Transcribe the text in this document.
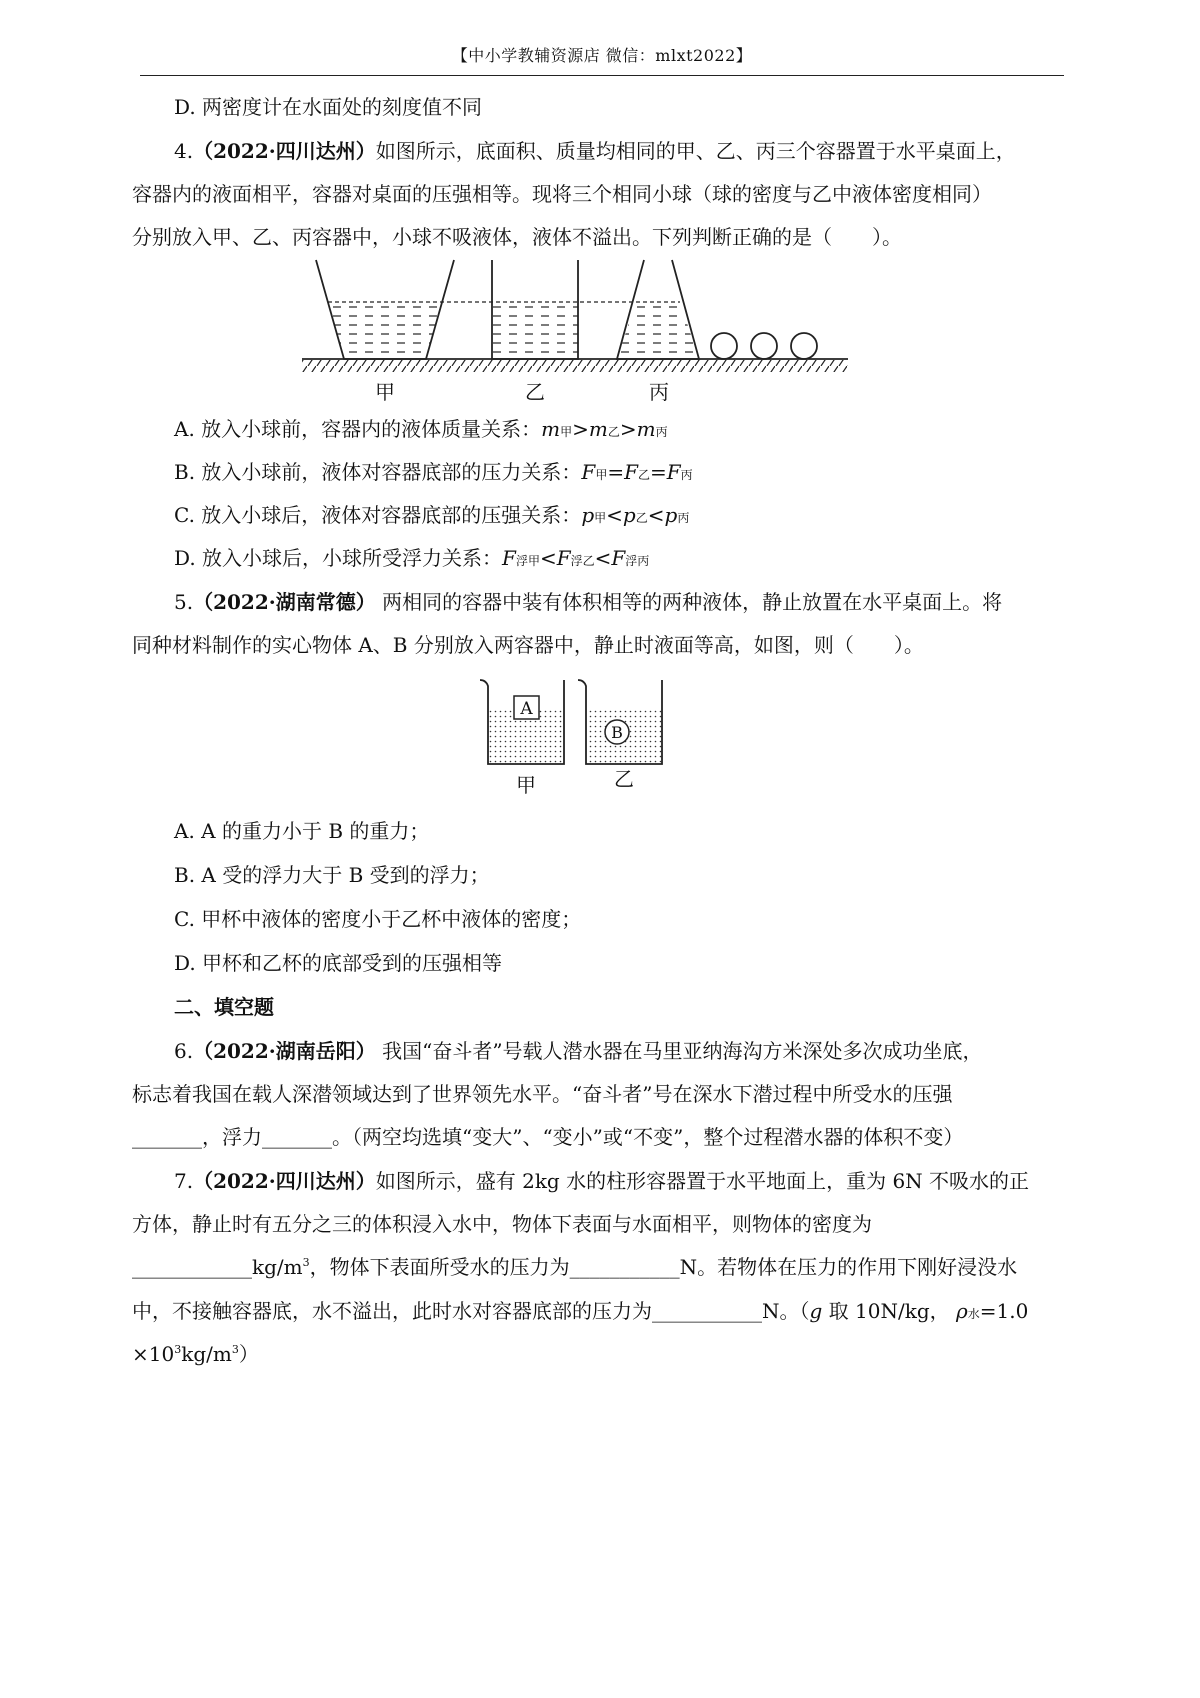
【中小学教辅资源店 微信：mlxt2022】
D. 两密度计在水面处的刻度值不同
4.（2022·四川达州）如图所示，底面积、质量均相同的甲、乙、丙三个容器置于水平桌面上，
容器内的液面相平，容器对桌面的压强相等。现将三个相同小球（球的密度与乙中液体密度相同）
分别放入甲、乙、丙容器中，小球不吸液体，液体不溢出。下列判断正确的是（　　）。
甲	乙	丙
A. 放入小球前，容器内的液体质量关系：m甲>m乙>m丙
B. 放入小球前，液体对容器底部的压力关系：F甲=F乙=F丙
C. 放入小球后，液体对容器底部的压强关系：p甲<p乙<p丙
D. 放入小球后，小球所受浮力关系：F浮甲<F浮乙<F浮丙
5.（2022·湖南常德） 两相同的容器中装有体积相等的两种液体，静止放置在水平桌面上。将
同种材料制作的实心物体 A、B 分别放入两容器中，静止时液面等高，如图，则（　　）。
A
B
甲	乙
A. A 的重力小于 B 的重力；
B. A 受的浮力大于 B 受到的浮力；
C. 甲杯中液体的密度小于乙杯中液体的密度；
D. 甲杯和乙杯的底部受到的压强相等
二、填空题
6.（2022·湖南岳阳） 我国“奋斗者”号载人潜水器在马里亚纳海沟方米深处多次成功坐底，
标志着我国在载人深潜领域达到了世界领先水平。“奋斗者”号在深水下潜过程中所受水的压强
_______，浮力_______。（两空均选填“变大”、“变小”或“不变”，整个过程潜水器的体积不变）
7.（2022·四川达州）如图所示，盛有 2kg 水的柱形容器置于水平地面上，重为 6N 不吸水的正
方体，静止时有五分之三的体积浸入水中，物体下表面与水面相平，则物体的密度为
$\_\_\_\_\_\_\_\_\_\_\_\_kg/m^3$，物体下表面所受水的压力为___________N。若物体在压力的作用下刚好浸没水
中，不接触容器底，水不溢出，此时水对容器底部的压力为___________N。（g 取 10N/kg， ρ水=1.0
$\times 10^3kg/m^3$）
